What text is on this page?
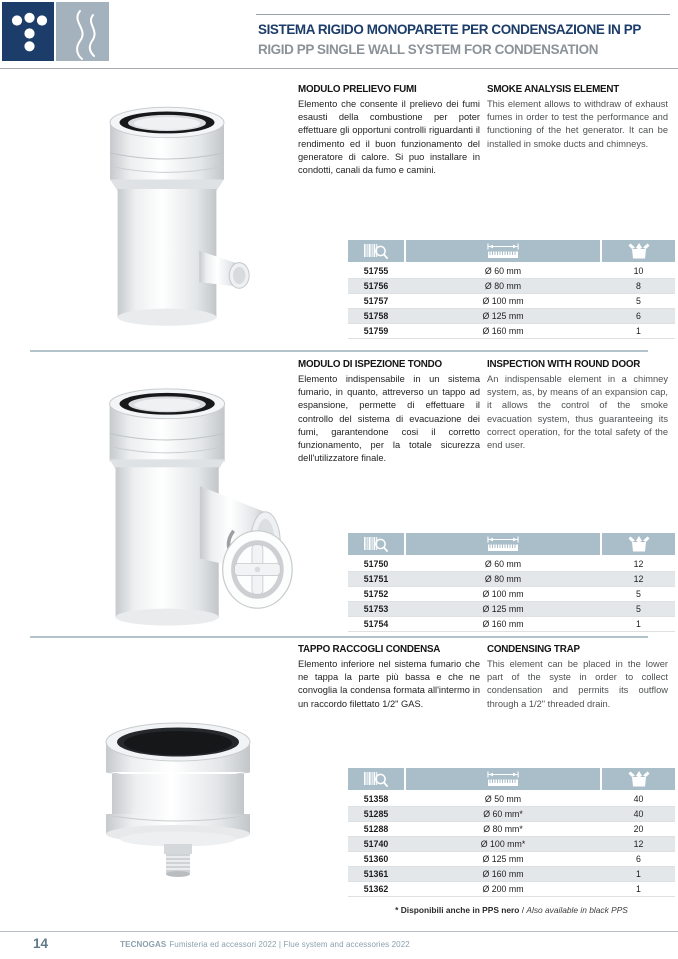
SISTEMA RIGIDO MONOPARETE PER CONDENSAZIONE IN PP
RIGID PP SINGLE WALL SYSTEM FOR CONDENSATION

MODULO PRELIEVO FUMI

Elemento che consente il prelievo dei fumi esausti della combustione per poter effettuare gli opportuni controlli riguardanti il rendimento ed il buon funzionamento del generatore di calore. Si puo installare in condotti, canali da fumo e camini.

SMOKE ANALYSIS ELEMENT

This element allows to withdraw of exhaust fumes in order to test the performance and functioning of the het generator. It can be installed in smoke ducts and chimneys.

51755	Ø 60 mm	10
51756	Ø 80 mm	8
51757	Ø 100 mm	5
51758	Ø 125 mm	6
51759	Ø 160 mm	1

MODULO DI ISPEZIONE TONDO

Elemento indispensabile in un sistema fumario, in quanto, attreverso un tappo ad espansione, permette di effettuare il controllo del sistema di evacuazione dei fumi, garantendone cosi il corretto funzionamento, per la totale sicurezza dell'utilizzatore finale.

INSPECTION WITH ROUND DOOR

An indispensable element in a chimney system, as, by means of an expansion cap, it allows the control of the smoke evacuation system, thus guaranteeing its correct operation, for the total safety of the end user.

51750	Ø 60 mm	12
51751	Ø 80 mm	12
51752	Ø 100 mm	5
51753	Ø 125 mm	5
51754	Ø 160 mm	1

TAPPO RACCOGLI CONDENSA

Elemento inferiore nel sistema fumario che ne tappa la parte più bassa e che ne convoglia la condensa formata all'intermo in un raccordo filettato 1/2" GAS.

CONDENSING TRAP

This element can be placed in the lower part of the syste in order to collect condensation and permits its outflow through a 1/2" threaded drain.

51358	Ø 50 mm	40
51285	Ø 60 mm*	40
51288	Ø 80 mm*	20
51740	Ø 100 mm*	12
51360	Ø 125 mm	6
51361	Ø 160 mm	1
51362	Ø 200 mm	1
* Disponibili anche in PPS nero / Also available in black PPS
14	TECNOGAS Fumisteria ed accessori 2022 | Flue system and accessories 2022
